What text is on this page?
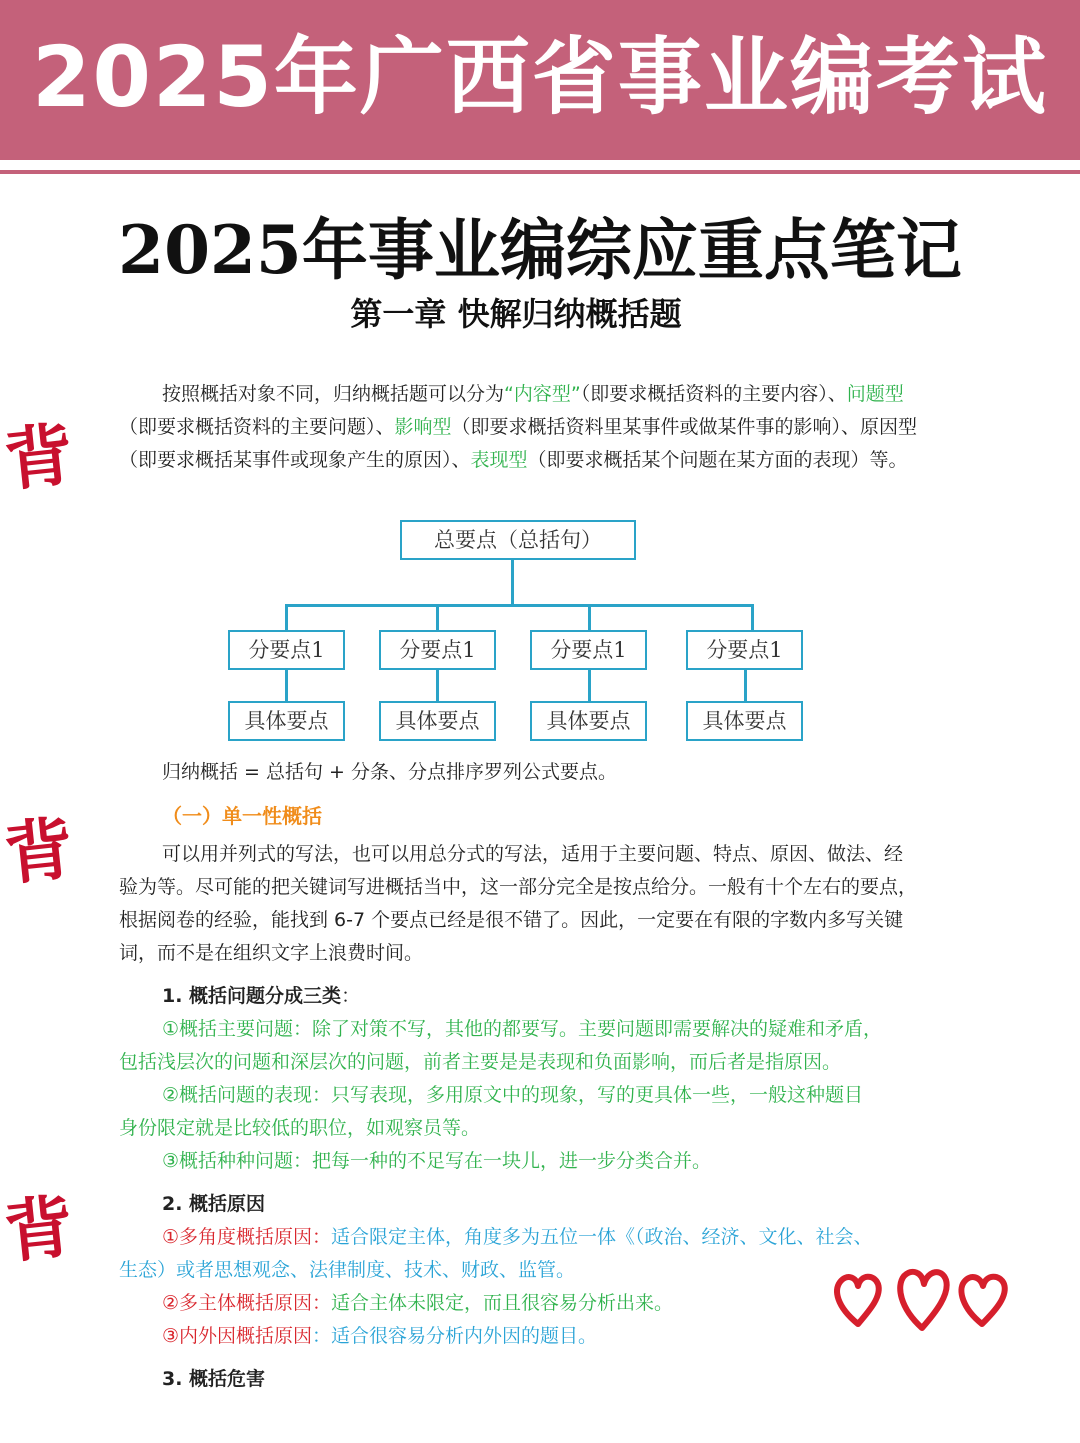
2025年广西省事业编考试
2025年事业编综应重点笔记
第一章 快解归纳概括题
背
背
背
按照概括对象不同，归纳概括题可以分为“内容型”（即要求概括资料的主要内容）、问题型（即要求概括资料的主要问题）、影响型（即要求概括资料里某事件或做某件事的影响）、原因型（即要求概括某事件或现象产生的原因）、表现型（即要求概括某个问题在某方面的表现）等。
总要点（总括句）
分要点1	分要点1	分要点1	分要点1
具体要点	具体要点	具体要点	具体要点
归纳概括 = 总括句 + 分条、分点排序罗列公式要点。
（一）单一性概括
可以用并列式的写法，也可以用总分式的写法，适用于主要问题、特点、原因、做法、经验为等。尽可能的把关键词写进概括当中，这一部分完全是按点给分。一般有十个左右的要点，根据阅卷的经验，能找到 6-7 个要点已经是很不错了。因此，一定要在有限的字数内多写关键词，而不是在组织文字上浪费时间。
1. 概括问题分成三类：
①概括主要问题：除了对策不写，其他的都要写。主要问题即需要解决的疑难和矛盾，
包括浅层次的问题和深层次的问题，前者主要是是表现和负面影响，而后者是指原因。
②概括问题的表现：只写表现，多用原文中的现象，写的更具体一些，一般这种题目
身份限定就是比较低的职位，如观察员等。
③概括种种问题：把每一种的不足写在一块儿，进一步分类合并。
2. 概括原因
①多角度概括原因：适合限定主体，角度多为五位一体《（政治、经济、文化、社会、
生态）或者思想观念、法律制度、技术、财政、监管。
②多主体概括原因：适合主体未限定，而且很容易分析出来。
③内外因概括原因：适合很容易分析内外因的题目。
3. 概括危害
